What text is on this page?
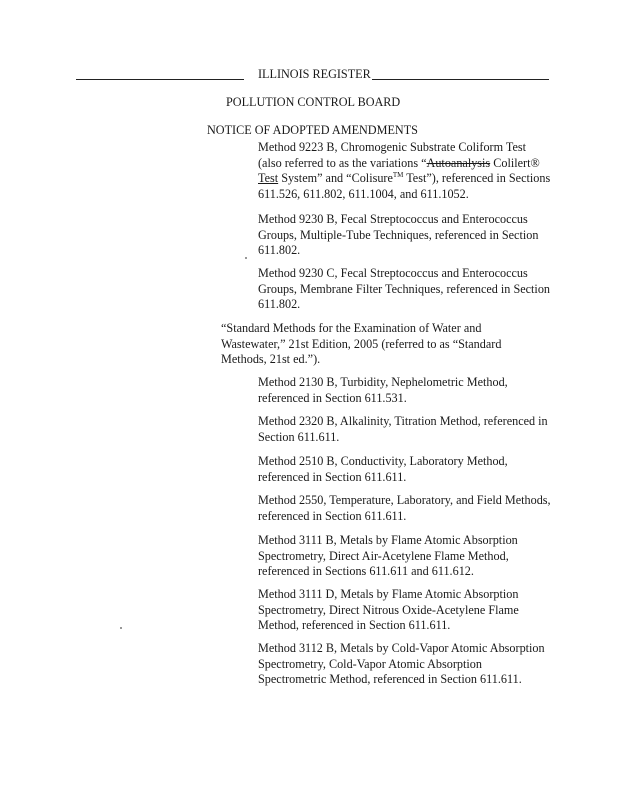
ILLINOIS REGISTER
POLLUTION CONTROL BOARD
NOTICE OF ADOPTED AMENDMENTS

Method 9223 B, Chromogenic Substrate Coliform Test (also referred to as the variations “Autoanalysis Colilert® Test System” and “Colisure™ Test”), referenced in Sections 611.526, 611.802, 611.1004, and 611.1052.

Method 9230 B, Fecal Streptococcus and Enterococcus Groups, Multiple-Tube Techniques, referenced in Section 611.802.

Method 9230 C, Fecal Streptococcus and Enterococcus Groups, Membrane Filter Techniques, referenced in Section 611.802.

“Standard Methods for the Examination of Water and Wastewater,” 21st Edition, 2005 (referred to as “Standard Methods, 21st ed.”).

Method 2130 B, Turbidity, Nephelometric Method, referenced in Section 611.531.

Method 2320 B, Alkalinity, Titration Method, referenced in Section 611.611.

Method 2510 B, Conductivity, Laboratory Method, referenced in Section 611.611.

Method 2550, Temperature, Laboratory, and Field Methods, referenced in Section 611.611.

Method 3111 B, Metals by Flame Atomic Absorption Spectrometry, Direct Air-Acetylene Flame Method, referenced in Sections 611.611 and 611.612.

Method 3111 D, Metals by Flame Atomic Absorption Spectrometry, Direct Nitrous Oxide-Acetylene Flame Method, referenced in Section 611.611.

Method 3112 B, Metals by Cold-Vapor Atomic Absorption Spectrometry, Cold-Vapor Atomic Absorption Spectrometric Method, referenced in Section 611.611.
